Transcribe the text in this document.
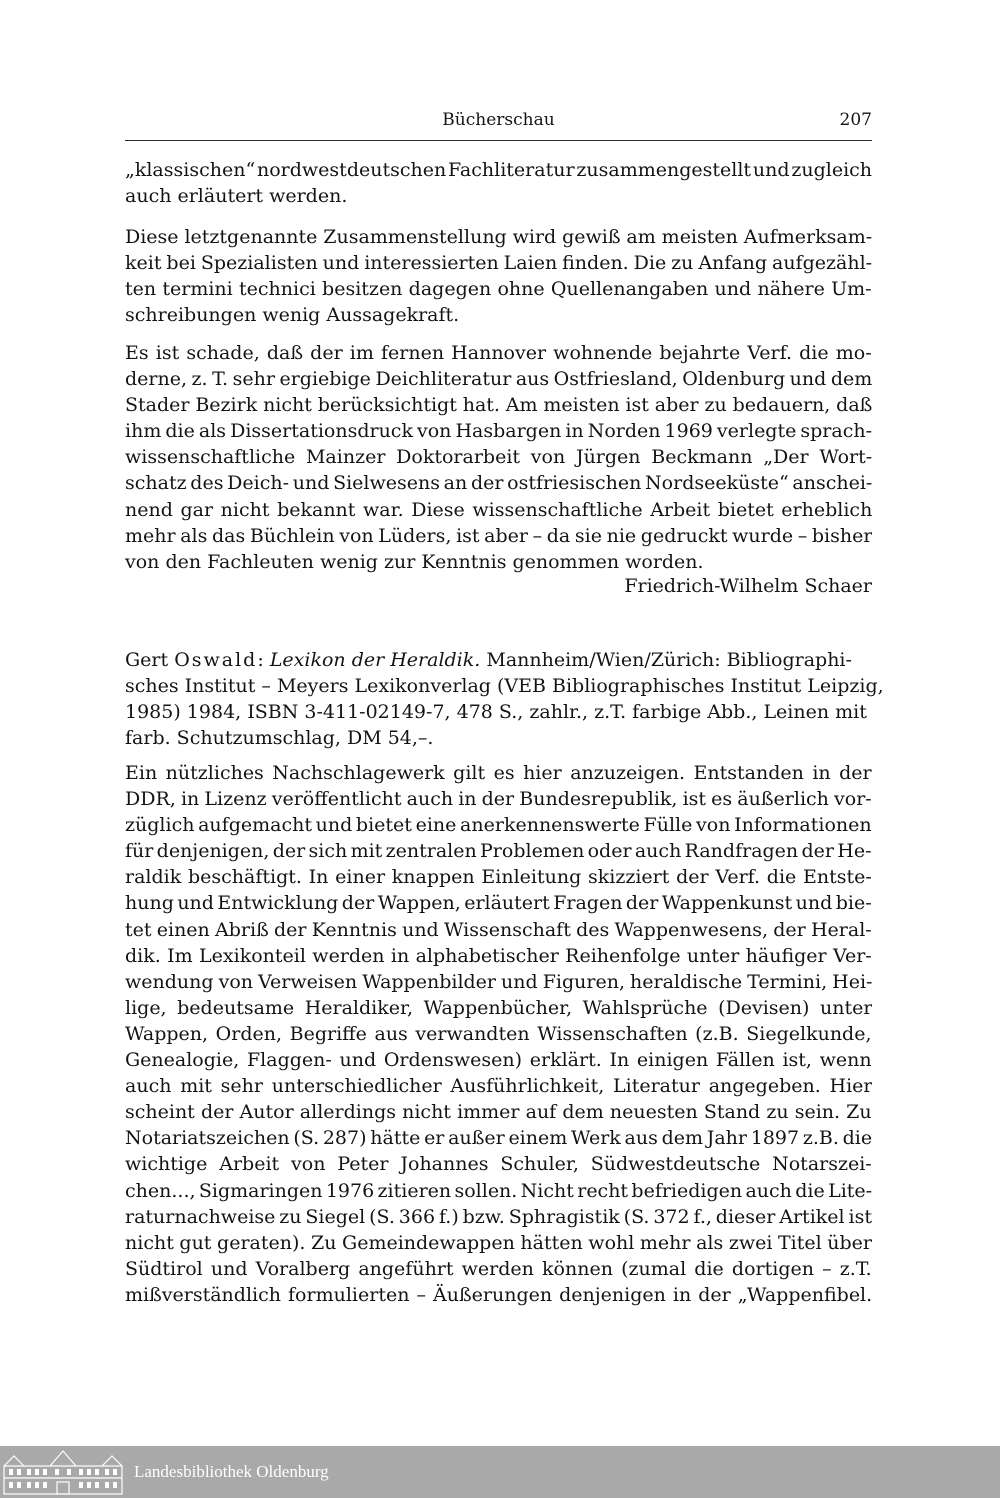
Bücherschau	207
„klassischen“ nordwestdeutschen Fachliteratur zusammengestellt und zugleich
auch erläutert werden.
Diese letztgenannte Zusammenstellung wird gewiß am meisten Aufmerksam-
keit bei Spezialisten und interessierten Laien finden. Die zu Anfang aufgezähl-
ten termini technici besitzen dagegen ohne Quellenangaben und nähere Um-
schreibungen wenig Aussagekraft.
Es ist schade, daß der im fernen Hannover wohnende bejahrte Verf. die mo-
derne, z. T. sehr ergiebige Deichliteratur aus Ostfriesland, Oldenburg und dem
Stader Bezirk nicht berücksichtigt hat. Am meisten ist aber zu bedauern, daß
ihm die als Dissertationsdruck von Hasbargen in Norden 1969 verlegte sprach-
wissenschaftliche Mainzer Doktorarbeit von Jürgen Beckmann „Der Wort-
schatz des Deich- und Sielwesens an der ostfriesischen Nordseeküste“ anschei-
nend gar nicht bekannt war. Diese wissenschaftliche Arbeit bietet erheblich
mehr als das Büchlein von Lüders, ist aber – da sie nie gedruckt wurde – bisher
von den Fachleuten wenig zur Kenntnis genommen worden.
Friedrich-Wilhelm Schaer
Gert Oswald: Lexikon der Heraldik. Mannheim/Wien/Zürich: Bibliographi-
sches Institut – Meyers Lexikonverlag (VEB Bibliographisches Institut Leipzig,
1985) 1984, ISBN 3-411-02149-7, 478 S., zahlr., z.T. farbige Abb., Leinen mit
farb. Schutzumschlag, DM 54,–.
Ein nützliches Nachschlagewerk gilt es hier anzuzeigen. Entstanden in der
DDR, in Lizenz veröffentlicht auch in der Bundesrepublik, ist es äußerlich vor-
züglich aufgemacht und bietet eine anerkennenswerte Fülle von Informationen
für denjenigen, der sich mit zentralen Problemen oder auch Randfragen der He-
raldik beschäftigt. In einer knappen Einleitung skizziert der Verf. die Entste-
hung und Entwicklung der Wappen, erläutert Fragen der Wappenkunst und bie-
tet einen Abriß der Kenntnis und Wissenschaft des Wappenwesens, der Heral-
dik. Im Lexikonteil werden in alphabetischer Reihenfolge unter häufiger Ver-
wendung von Verweisen Wappenbilder und Figuren, heraldische Termini, Hei-
lige, bedeutsame Heraldiker, Wappenbücher, Wahlsprüche (Devisen) unter
Wappen, Orden, Begriffe aus verwandten Wissenschaften (z.B. Siegelkunde,
Genealogie, Flaggen- und Ordenswesen) erklärt. In einigen Fällen ist, wenn
auch mit sehr unterschiedlicher Ausführlichkeit, Literatur angegeben. Hier
scheint der Autor allerdings nicht immer auf dem neuesten Stand zu sein. Zu
Notariatszeichen (S. 287) hätte er außer einem Werk aus dem Jahr 1897 z.B. die
wichtige Arbeit von Peter Johannes Schuler, Südwestdeutsche Notarszei-
chen..., Sigmaringen 1976 zitieren sollen. Nicht recht befriedigen auch die Lite-
raturnachweise zu Siegel (S. 366 f.) bzw. Sphragistik (S. 372 f., dieser Artikel ist
nicht gut geraten). Zu Gemeindewappen hätten wohl mehr als zwei Titel über
Südtirol und Voralberg angeführt werden können (zumal die dortigen – z.T.
mißverständlich formulierten – Äußerungen denjenigen in der „Wappenfibel.
Landesbibliothek Oldenburg
